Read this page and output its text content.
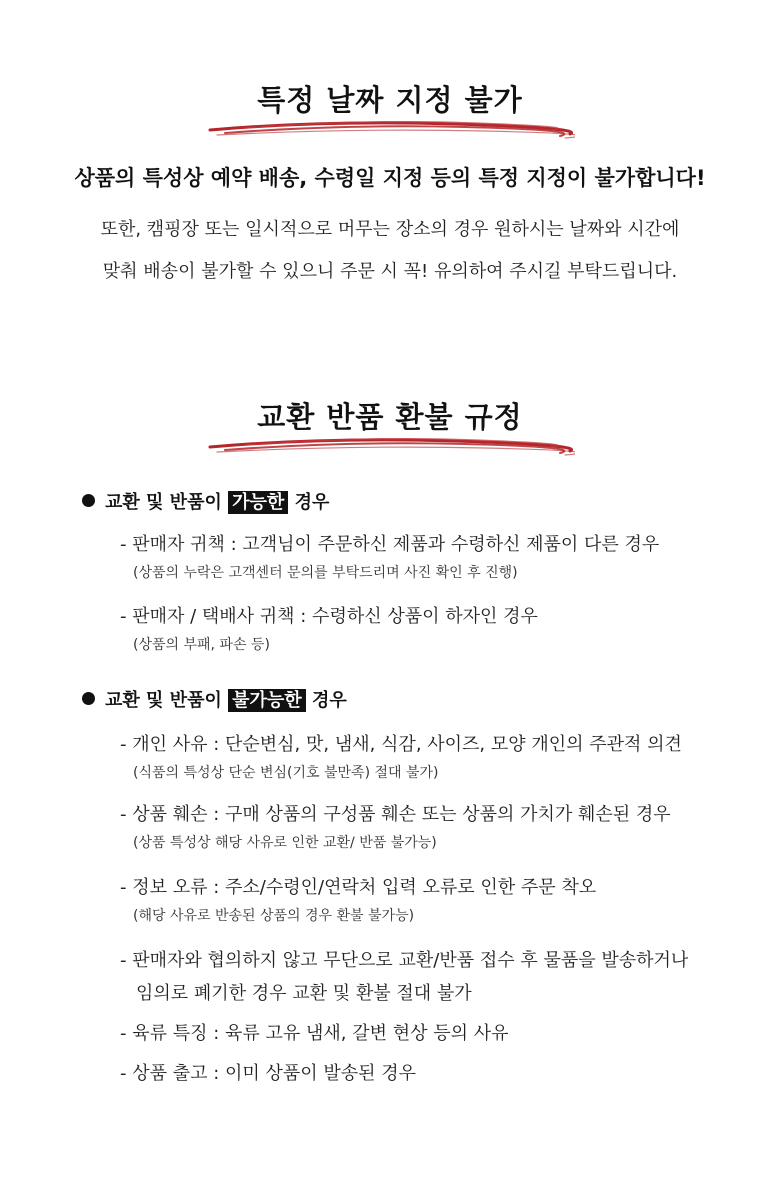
특정 날짜 지정 불가
상품의 특성상 예약 배송, 수령일 지정 등의 특정 지정이 불가합니다!
또한, 캠핑장 또는 일시적으로 머무는 장소의 경우 원하시는 날짜와 시간에
맞춰 배송이 불가할 수 있으니 주문 시 꼭! 유의하여 주시길 부탁드립니다.
교환 반품 환불 규정
교환 및 반품이 가능한 경우
- 판매자 귀책 : 고객님이 주문하신 제품과 수령하신 제품이 다른 경우
(상품의 누락은 고객센터 문의를 부탁드리며 사진 확인 후 진행)
- 판매자 / 택배사 귀책 : 수령하신 상품이 하자인 경우
(상품의 부패, 파손 등)
교환 및 반품이 불가능한 경우
- 개인 사유 : 단순변심, 맛, 냄새, 식감, 사이즈, 모양 개인의 주관적 의견
(식품의 특성상 단순 변심(기호 불만족) 절대 불가)
- 상품 훼손 : 구매 상품의 구성품 훼손 또는 상품의 가치가 훼손된 경우
(상품 특성상 해당 사유로 인한 교환/ 반품 불가능)
- 정보 오류 : 주소/수령인/연락처 입력 오류로 인한 주문 착오
(해당 사유로 반송된 상품의 경우 환불 불가능)
- 판매자와 협의하지 않고 무단으로 교환/반품 접수 후 물품을 발송하거나
임의로 폐기한 경우 교환 및 환불 절대 불가
- 육류 특징 : 육류 고유 냄새, 갈변 현상 등의 사유
- 상품 출고 : 이미 상품이 발송된 경우
